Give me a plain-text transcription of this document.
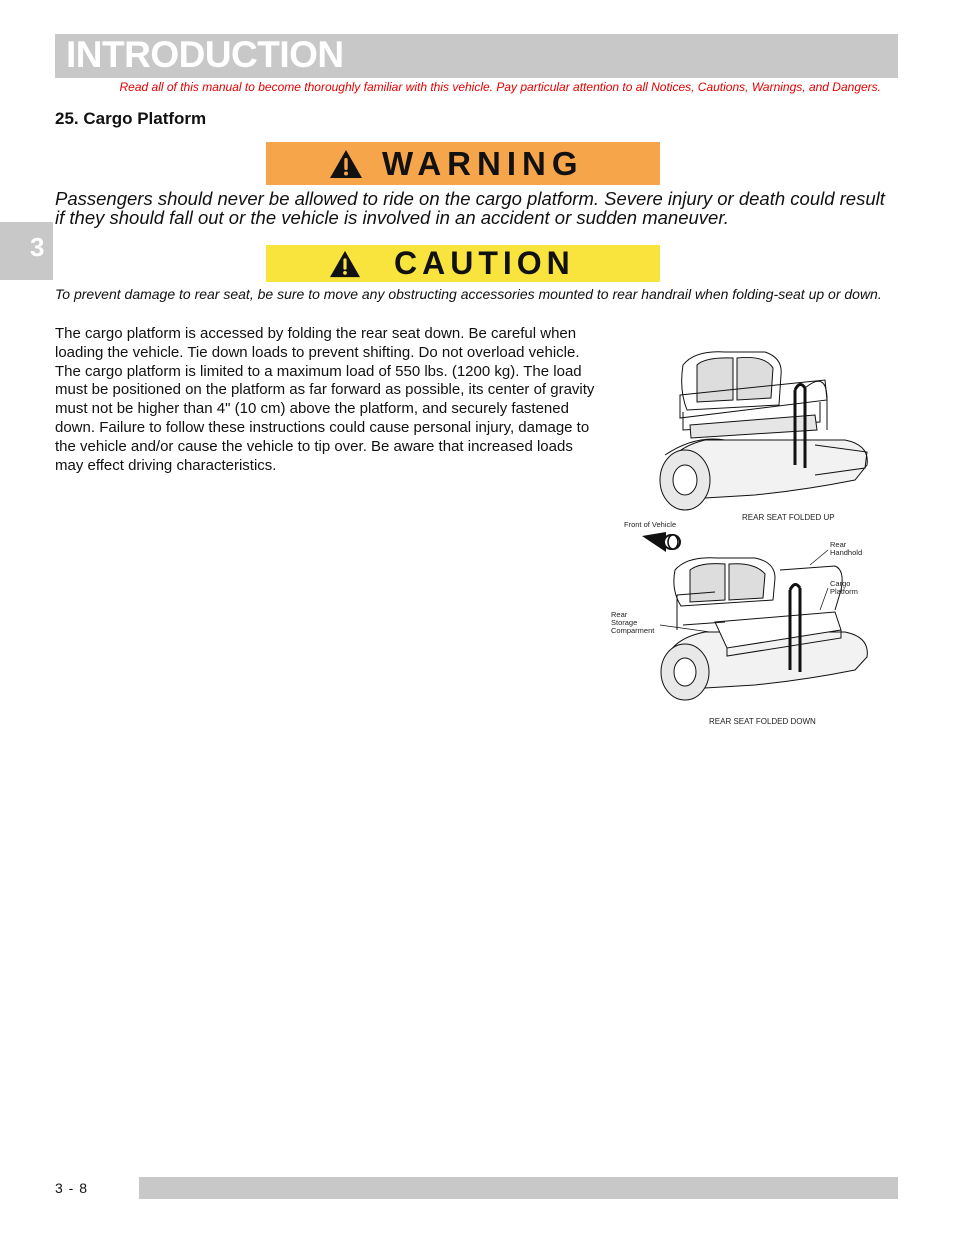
INTRODUCTION
Read all of this manual to become thoroughly familiar with this vehicle. Pay particular attention to all Notices, Cautions, Warnings, and Dangers.
3
25. Cargo Platform
WARNING
Passengers should never be allowed to ride on the cargo platform. Severe injury or death could result if they should fall out or the vehicle is involved in an accident or sudden maneuver.
CAUTION
To prevent damage to rear seat, be sure to move any obstructing accessories mounted to rear handrail when folding-seat up or down.
The cargo platform is accessed by folding the rear seat down. Be careful when loading the vehicle. Tie down loads to prevent shifting. Do not overload vehicle. The cargo platform is limited to a maximum load of 550 lbs. (1200 kg). The load must be positioned on the platform as far forward as possible, its center of gravity must not be higher than 4" (10 cm) above the platform, and securely fastened down. Failure to follow these instructions could cause personal injury, damage to the vehicle and/or cause the vehicle to tip over. Be aware that increased loads may effect driving characteristics.
REAR SEAT FOLDED UP
Front of Vehicle
Rear
Handhold
Cargo
Platform
Rear
Storage
Comparment
REAR SEAT FOLDED DOWN
3 - 8
